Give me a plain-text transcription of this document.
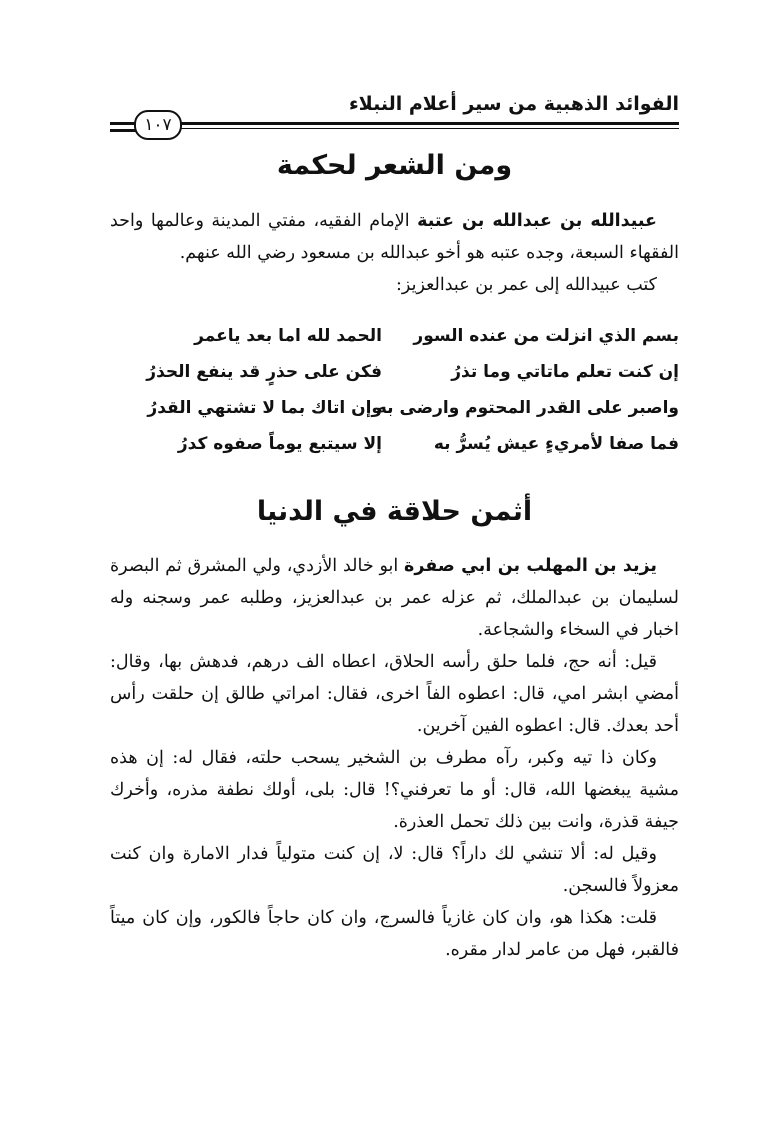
الفوائد الذهبية من سير أعلام النبلاء
١٠٧
ومن الشعر لحكمة

عبيدالله بن عبدالله بن عتبة الإمام الفقيه، مفتي المدينة وعالمها واحد الفقهاء السبعة، وجده عتبه هو أخو عبدالله بن مسعود رضي الله عنهم.

كتب عبيدالله إلى عمر بن عبدالعزيز:

بسم الذي انزلت من عنده السور
الحمد لله اما بعد ياعمر
إن كنت تعلم ماتاتي وما تذرُ
فكن على حذرٍ قد ينفع الحذرُ
واصبر على القدر المحتوم وارضى به
وإن اتاك بما لا تشتهي القدرُ
فما صفا لأمريءٍ عيش يُسرُّ به
إلا سيتبع يوماً صفوه كدرُ
أثمن حلاقة في الدنيا

يزيد بن المهلب بن ابي صفرة ابو خالد الأزدي، ولي المشرق ثم البصرة لسليمان بن عبدالملك، ثم عزله عمر بن عبدالعزيز، وطلبه عمر وسجنه وله اخبار في السخاء والشجاعة.

قيل: أنه حج، فلما حلق رأسه الحلاق، اعطاه الف درهم، فدهش بها، وقال: أمضي ابشر امي، قال: اعطوه الفاً اخرى، فقال: امراتي طالق إن حلقت رأس أحد بعدك. قال: اعطوه الفين آخرين.

وكان ذا تيه وكبر، رآه مطرف بن الشخير يسحب حلته، فقال له: إن هذه مشية يبغضها الله، قال: أو ما تعرفني؟! قال: بلى، أولك نطفة مذره، وأخرك جيفة قذرة، وانت بين ذلك تحمل العذرة.

وقيل له: ألا تنشي لك داراً؟ قال: لا، إن كنت متولياً فدار الامارة وان كنت معزولاً فالسجن.

قلت: هكذا هو، وان كان غازياً فالسرج، وان كان حاجاً فالكور، وإن كان ميتاً فالقبر، فهل من عامر لدار مقره.
